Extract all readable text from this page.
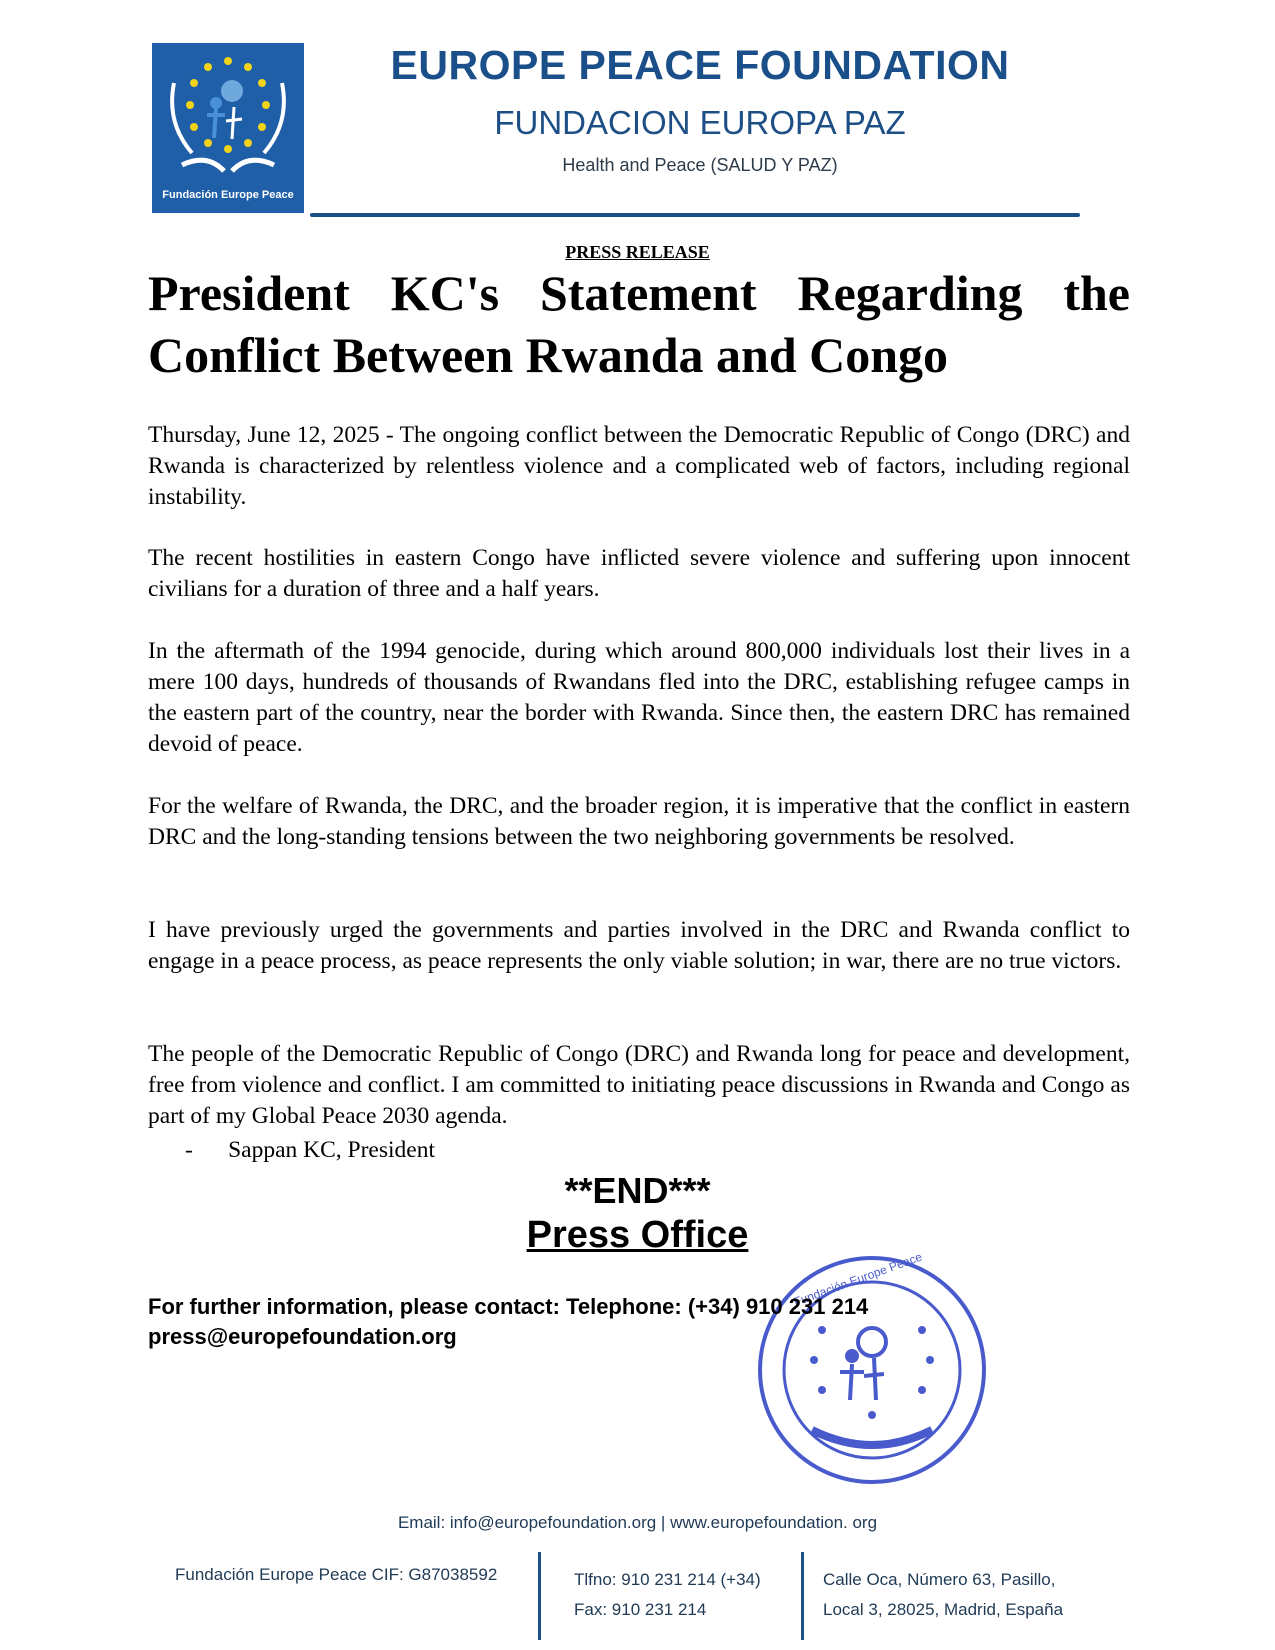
Fundación Europe Peace
EUROPE PEACE FOUNDATION
FUNDACION EUROPA PAZ
Health and Peace (SALUD Y PAZ)
PRESS RELEASE
President KC's Statement Regarding the Conflict Between Rwanda and Congo
Thursday, June 12, 2025 - The ongoing conflict between the Democratic Republic of Congo (DRC) and Rwanda is characterized by relentless violence and a complicated web of factors, including regional instability.
The recent hostilities in eastern Congo have inflicted severe violence and suffering upon innocent civilians for a duration of three and a half years.
In the aftermath of the 1994 genocide, during which around 800,000 individuals lost their lives in a mere 100 days, hundreds of thousands of Rwandans fled into the DRC, establishing refugee camps in the eastern part of the country, near the border with Rwanda. Since then, the eastern DRC has remained devoid of peace.
For the welfare of Rwanda, the DRC, and the broader region, it is imperative that the conflict in eastern DRC and the long-standing tensions between the two neighboring governments be resolved.
I have previously urged the governments and parties involved in the DRC and Rwanda conflict to engage in a peace process, as peace represents the only viable solution; in war, there are no true victors.
The people of the Democratic Republic of Congo (DRC) and Rwanda long for peace and development, free from violence and conflict. I am committed to initiating peace discussions in Rwanda and Congo as part of my Global Peace 2030 agenda.
-      Sappan KC, President
**END***
Press Office
Fundación Europe Peace
For further information, please contact: Telephone: (+34) 910 231 214
press@europefoundation.org
Email: info@europefoundation.org | www.europefoundation. org
Fundación Europe Peace CIF: G87038592	Tlfno: 910 231 214 (+34)
Fax: 910 231 214
Calle Oca, Número 63, Pasillo,
Local 3, 28025, Madrid, España
